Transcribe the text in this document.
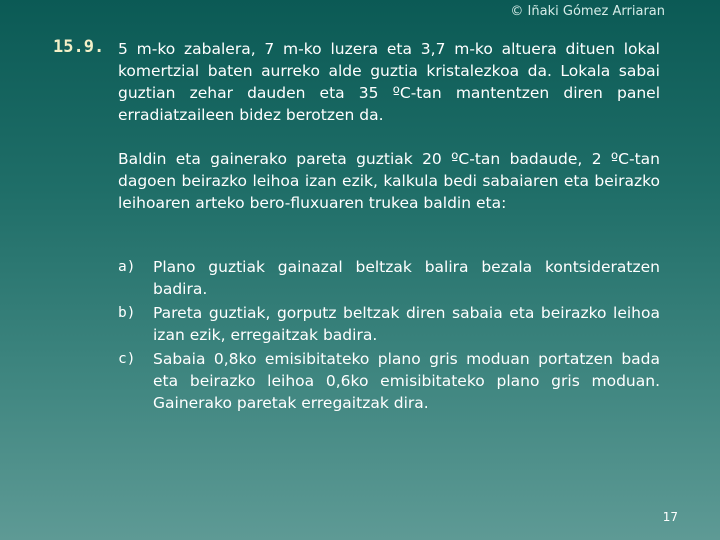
© Iñaki Gómez Arriaran
15.9. 5 m-ko zabalera, 7 m-ko luzera eta 3,7 m-ko altuera dituen lokal komertzial baten aurreko alde guztia kristalezkoa da. Lokala sabai guztian zehar dauden eta 35 ºC-tan mantentzen diren panel erradiatzaileen bidez berotzen da.
Baldin eta gainerako pareta guztiak 20 ºC-tan badaude, 2 ºC-tan dagoen beirazko leihoa izan ezik, kalkula bedi sabaiaren eta beirazko leihoaren arteko bero-fluxuaren trukea baldin eta:
a)	Plano guztiak gainazal beltzak balira bezala kontsideratzen badira.
b)	Pareta guztiak, gorputz beltzak diren sabaia eta beirazko leihoa izan ezik, erregaitzak badira.
c)	Sabaia 0,8ko emisibitateko plano gris moduan portatzen bada eta beirazko leihoa 0,6ko emisibitateko plano gris moduan. Gainerako paretak erregaitzak dira.
17
